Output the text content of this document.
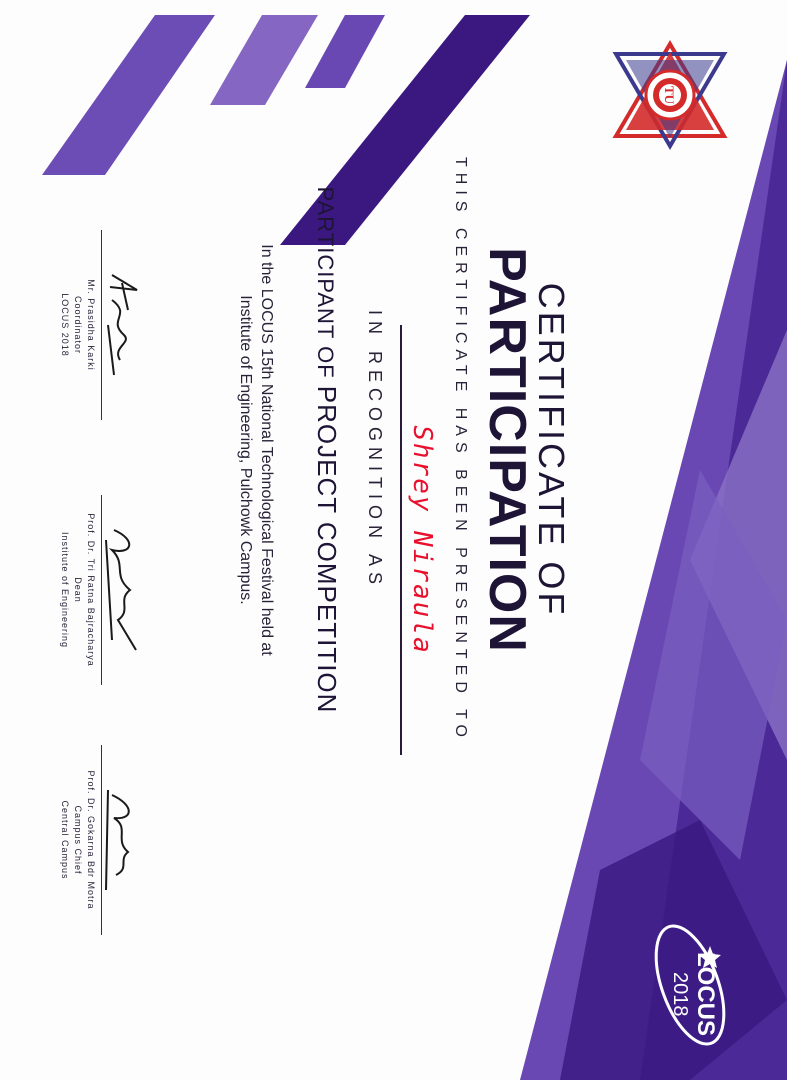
TU
LOCUS
2018
CERTIFICATE OF
PARTICIPATION
THIS CERTIFICATE HAS BEEN PRESENTED TO
Shrey Niraula
IN RECOGNITION AS
PARTICIPANT OF PROJECT COMPETITION
In the LOCUS 15th National Technological Festival held at
Institute of Engineering, Pulchowk Campus.
Mr. Prasidha Karki
Coordinator
LOCUS 2018
Prof. Dr. Tri Ratna Bajracharya
Dean
Institute of Engineering
Prof. Dr. Gokarna Bdr Motra
Campus Chief
Central Campus
